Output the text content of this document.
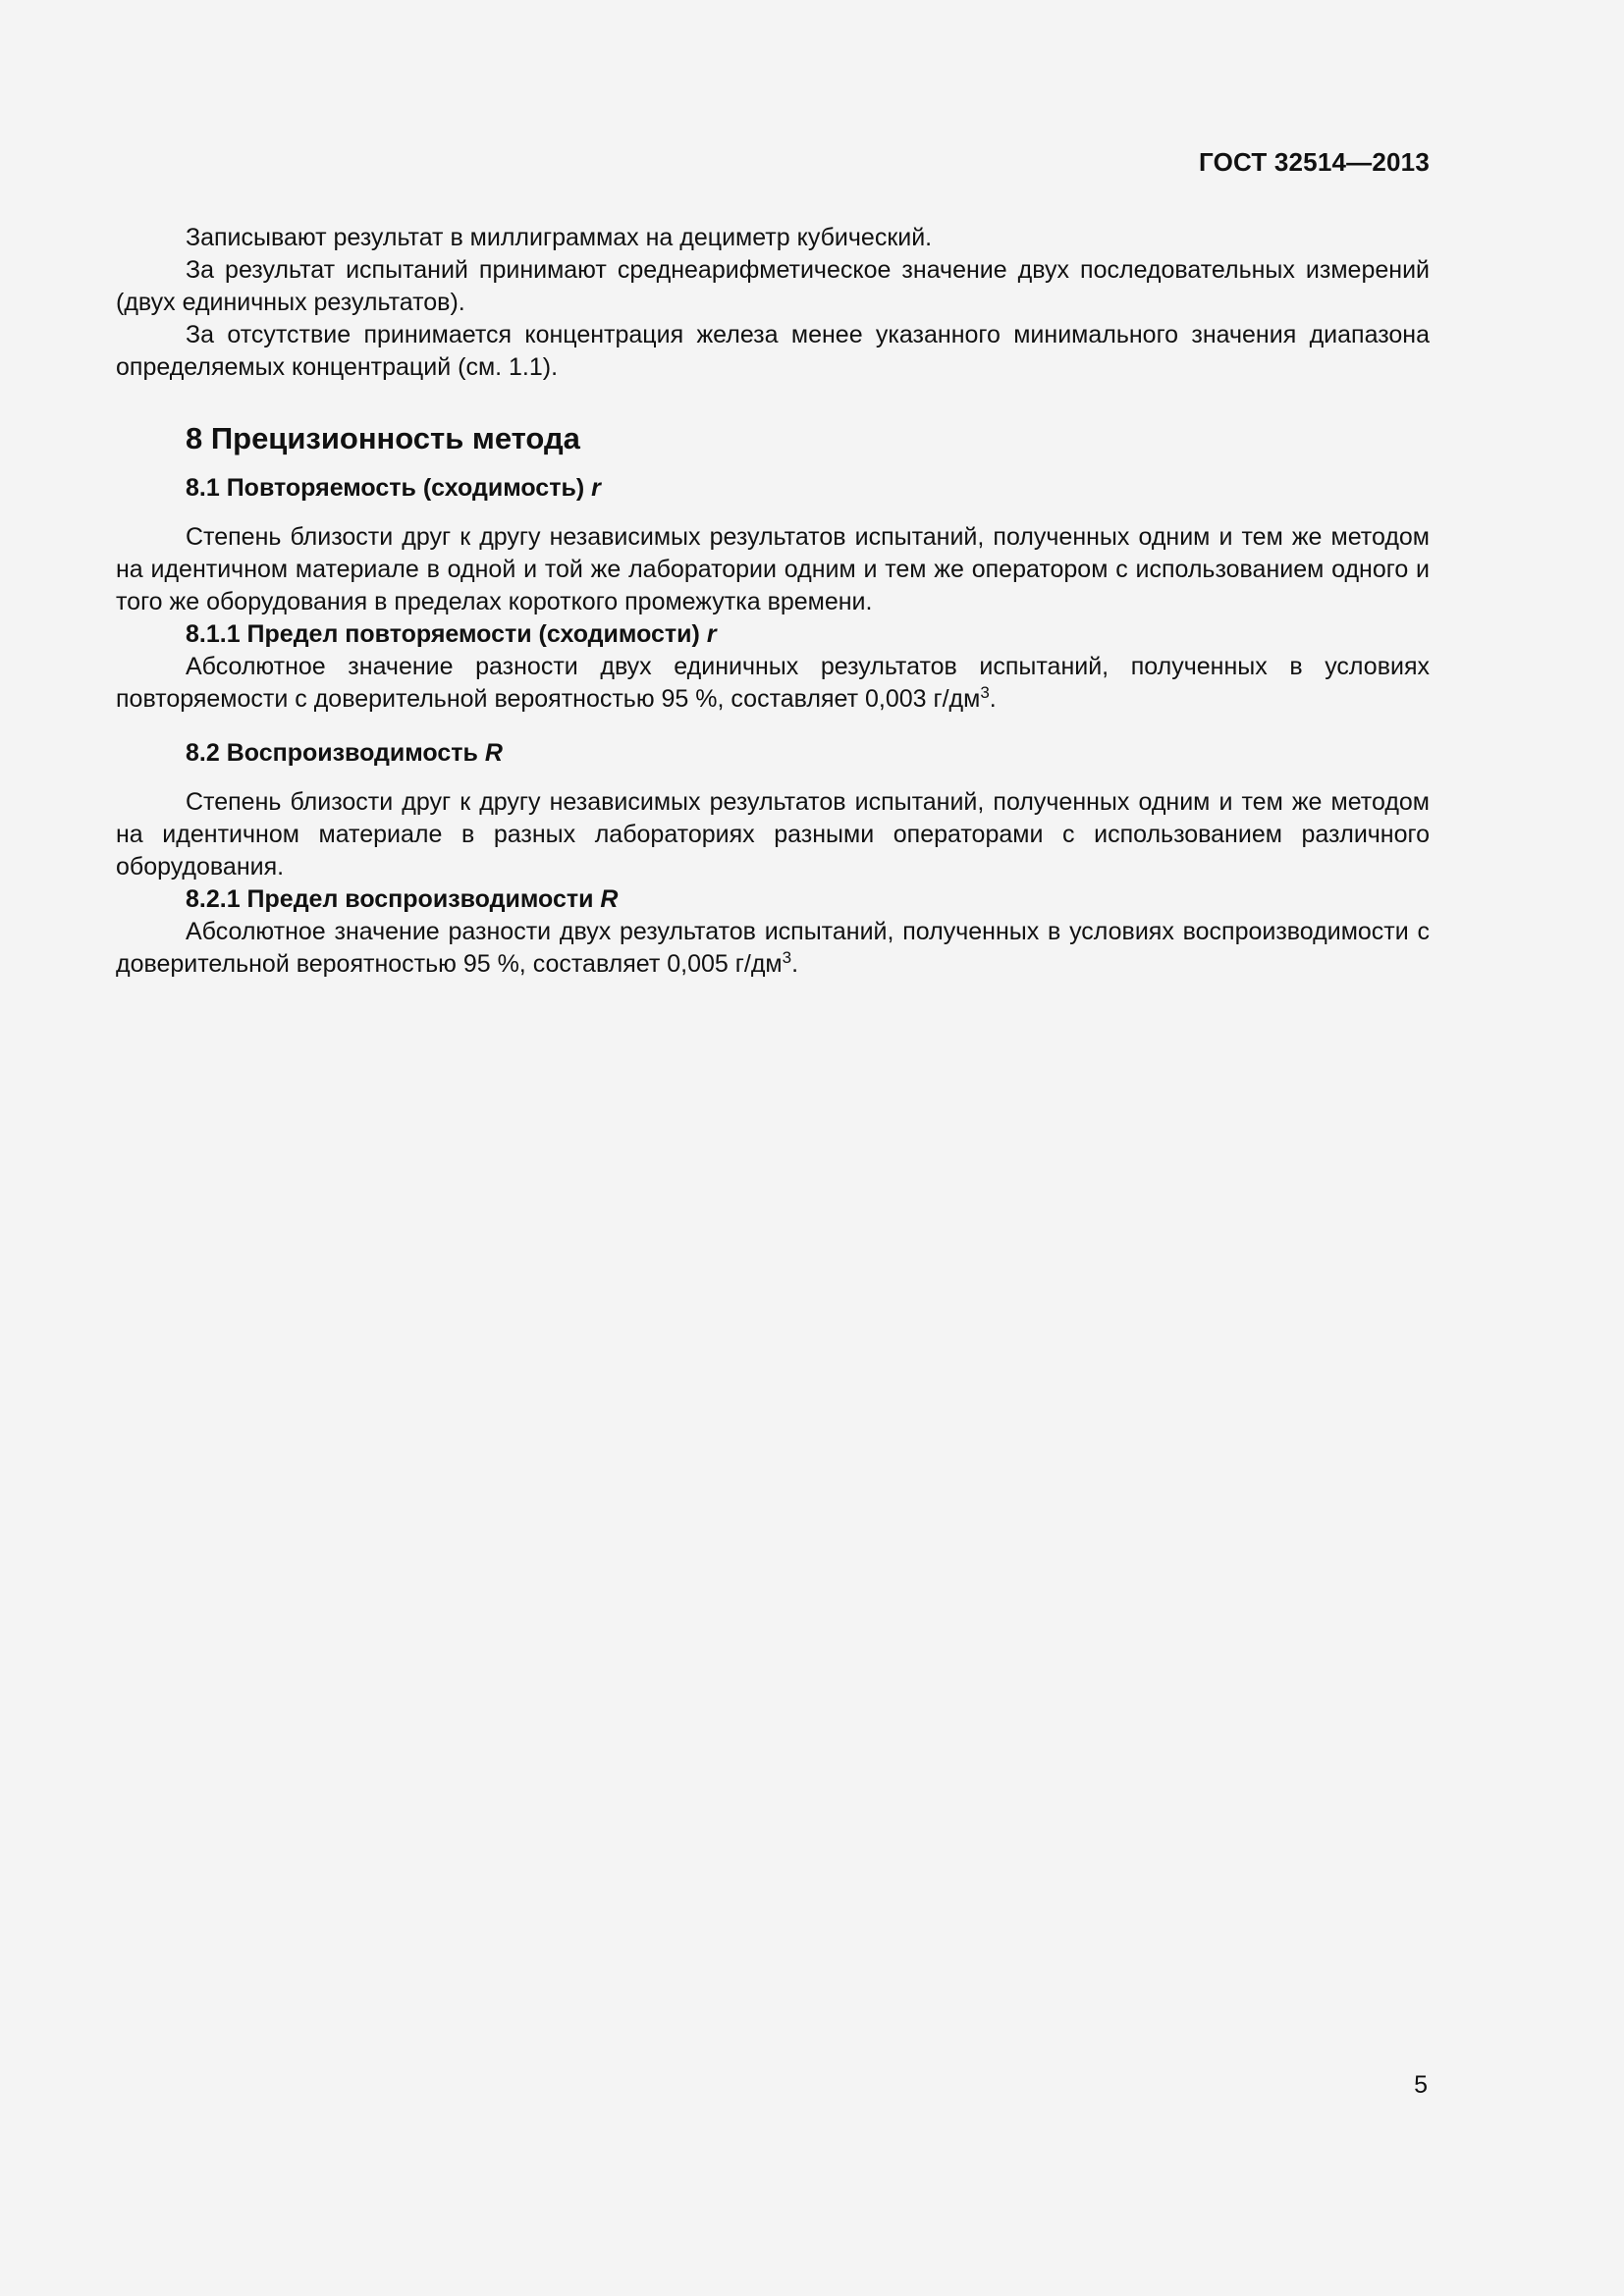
ГОСТ 32514—2013

Записывают результат в миллиграммах на дециметр кубический.

За результат испытаний принимают среднеарифметическое значение двух последовательных измерений (двух единичных результатов).

За отсутствие принимается концентрация железа менее указанного минимального значения диапазона определяемых концентраций (см. 1.1).

8 Прецизионность метода
8.1 Повторяемость (сходимость) r

Степень близости друг к другу независимых результатов испытаний, полученных одним и тем же методом на идентичном материале в одной и той же лаборатории одним и тем же оператором с использованием одного и того же оборудования в пределах короткого промежутка времени.

8.1.1 Предел повторяемости (сходимости) r

Абсолютное значение разности двух единичных результатов испытаний, полученных в условиях повторяемости с доверительной вероятностью 95 %, составляет 0,003 $г/дм^3$.

8.2 Воспроизводимость R

Степень близости друг к другу независимых результатов испытаний, полученных одним и тем же методом на идентичном материале в разных лабораториях разными операторами с использованием различного оборудования.

8.2.1 Предел воспроизводимости R

Абсолютное значение разности двух результатов испытаний, полученных в условиях воспроизводимости с доверительной вероятностью 95 %, составляет 0,005 $г/дм^3$.

5
